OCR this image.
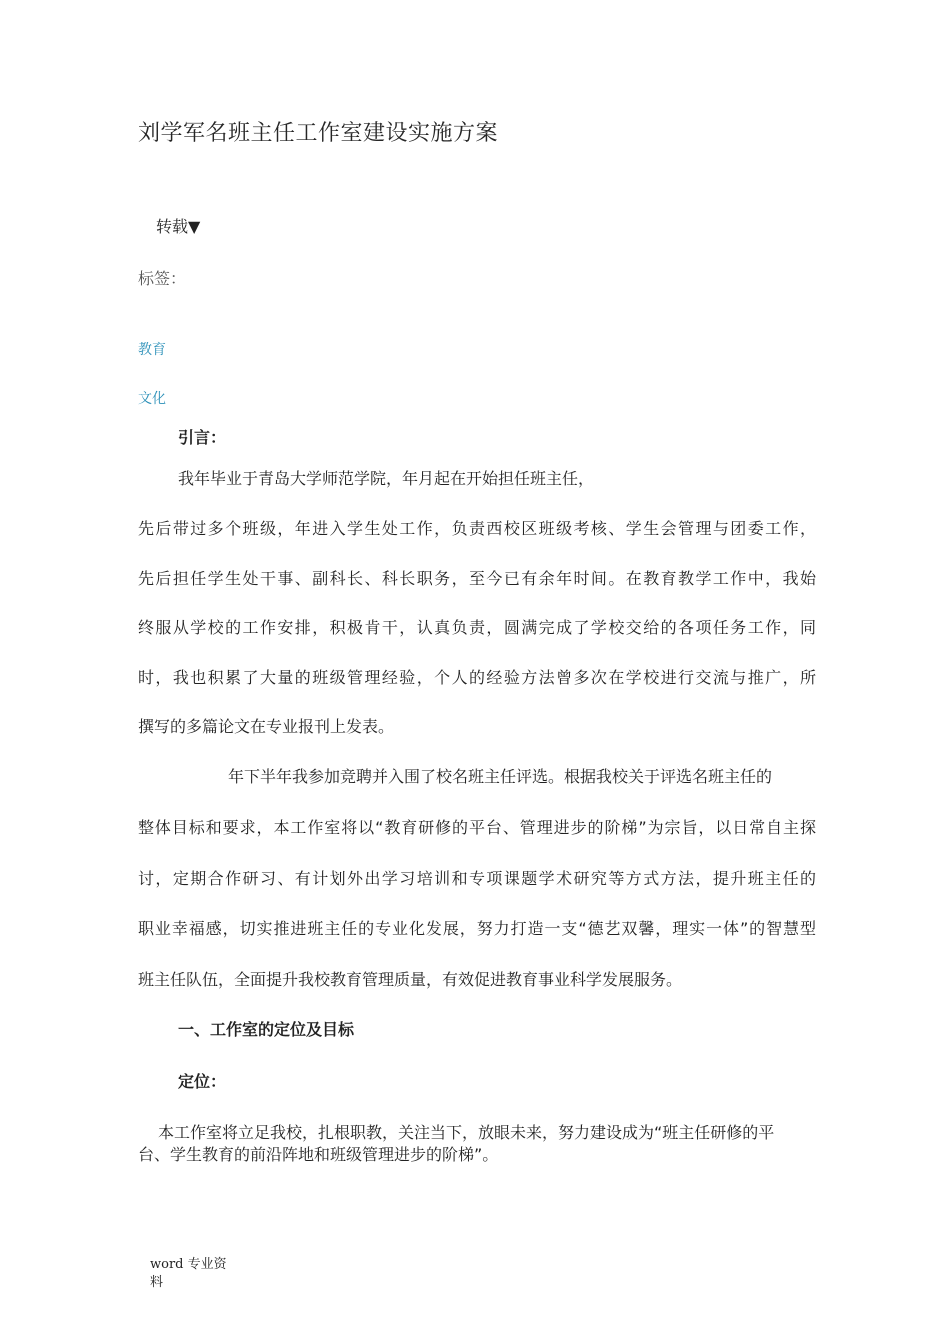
刘学军名班主任工作室建设实施方案
转载▼
标签：
教育
文化
引言：
我年毕业于青岛大学师范学院，年月起在开始担任班主任，
先后带过多个班级，年进入学生处工作，负责西校区班级考核、学生会管理与团委工作，
先后担任学生处干事、副科长、科长职务，至今已有余年时间。在教育教学工作中，我始
终服从学校的工作安排，积极肯干，认真负责，圆满完成了学校交给的各项任务工作，同
时，我也积累了大量的班级管理经验，个人的经验方法曾多次在学校进行交流与推广，所
撰写的多篇论文在专业报刊上发表。
年下半年我参加竞聘并入围了校名班主任评选。根据我校关于评选名班主任的
整体目标和要求，本工作室将以“教育研修的平台、管理进步的阶梯”为宗旨，以日常自主探
讨，定期合作研习、有计划外出学习培训和专项课题学术研究等方式方法，提升班主任的
职业幸福感，切实推进班主任的专业化发展，努力打造一支“德艺双馨，理实一体”的智慧型
班主任队伍，全面提升我校教育管理质量，有效促进教育事业科学发展服务。
一、工作室的定位及目标
定位：
本工作室将立足我校，扎根职教，关注当下，放眼未来，努力建设成为“班主任研修的平
台、学生教育的前沿阵地和班级管理进步的阶梯”。
word 专业资料
